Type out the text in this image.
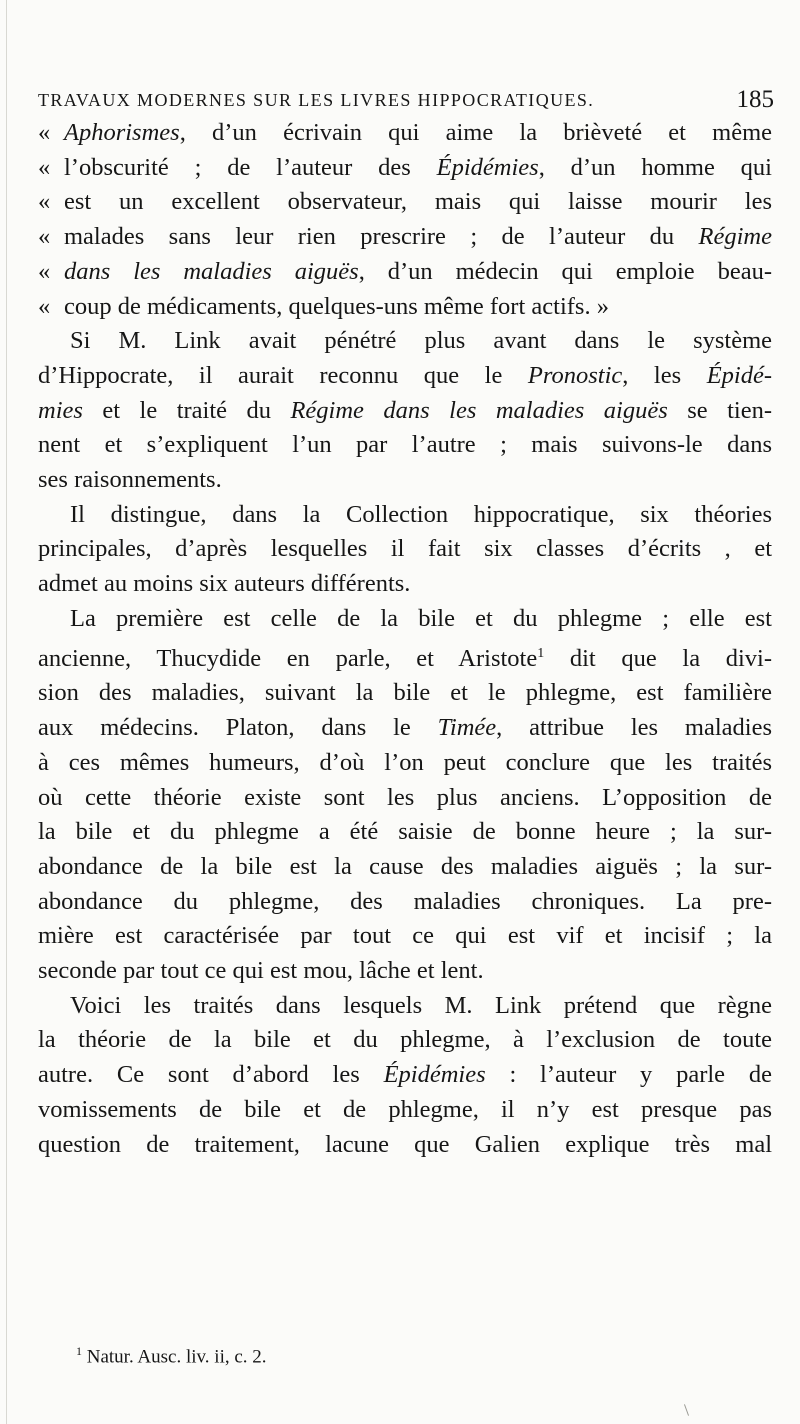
TRAVAUX MODERNES SUR LES LIVRES HIPPOCRATIQUES.	185
« Aphorismes, d’un écrivain qui aime la brièveté et même
« l’obscurité ; de l’auteur des Épidémies, d’un homme qui
« est un excellent observateur, mais qui laisse mourir les
« malades sans leur rien prescrire ; de l’auteur du Régime
« dans les maladies aiguës, d’un médecin qui emploie beau-
« coup de médicaments, quelques-uns même fort actifs. »
Si M. Link avait pénétré plus avant dans le système
d’Hippocrate, il aurait reconnu que le Pronostic, les Épidé-
mies et le traité du Régime dans les maladies aiguës se tien-
nent et s’expliquent l’un par l’autre ; mais suivons-le dans
ses raisonnements.
Il distingue, dans la Collection hippocratique, six théories
principales, d’après lesquelles il fait six classes d’écrits , et
admet au moins six auteurs différents.
La première est celle de la bile et du phlegme ; elle est
ancienne, Thucydide en parle, et Aristote$^1$ dit que la divi-
sion des maladies, suivant la bile et le phlegme, est familière
aux médecins. Platon, dans le Timée, attribue les maladies
à ces mêmes humeurs, d’où l’on peut conclure que les traités
où cette théorie existe sont les plus anciens. L’opposition de
la bile et du phlegme a été saisie de bonne heure ; la sur-
abondance de la bile est la cause des maladies aiguës ; la sur-
abondance du phlegme, des maladies chroniques. La pre-
mière est caractérisée par tout ce qui est vif et incisif ; la
seconde par tout ce qui est mou, lâche et lent.
Voici les traités dans lesquels M. Link prétend que règne
la théorie de la bile et du phlegme, à l’exclusion de toute
autre. Ce sont d’abord les Épidémies : l’auteur y parle de
vomissements de bile et de phlegme, il n’y est presque pas
question de traitement, lacune que Galien explique très mal
$^1$ Natur. Ausc. liv. ii, c. 2.
